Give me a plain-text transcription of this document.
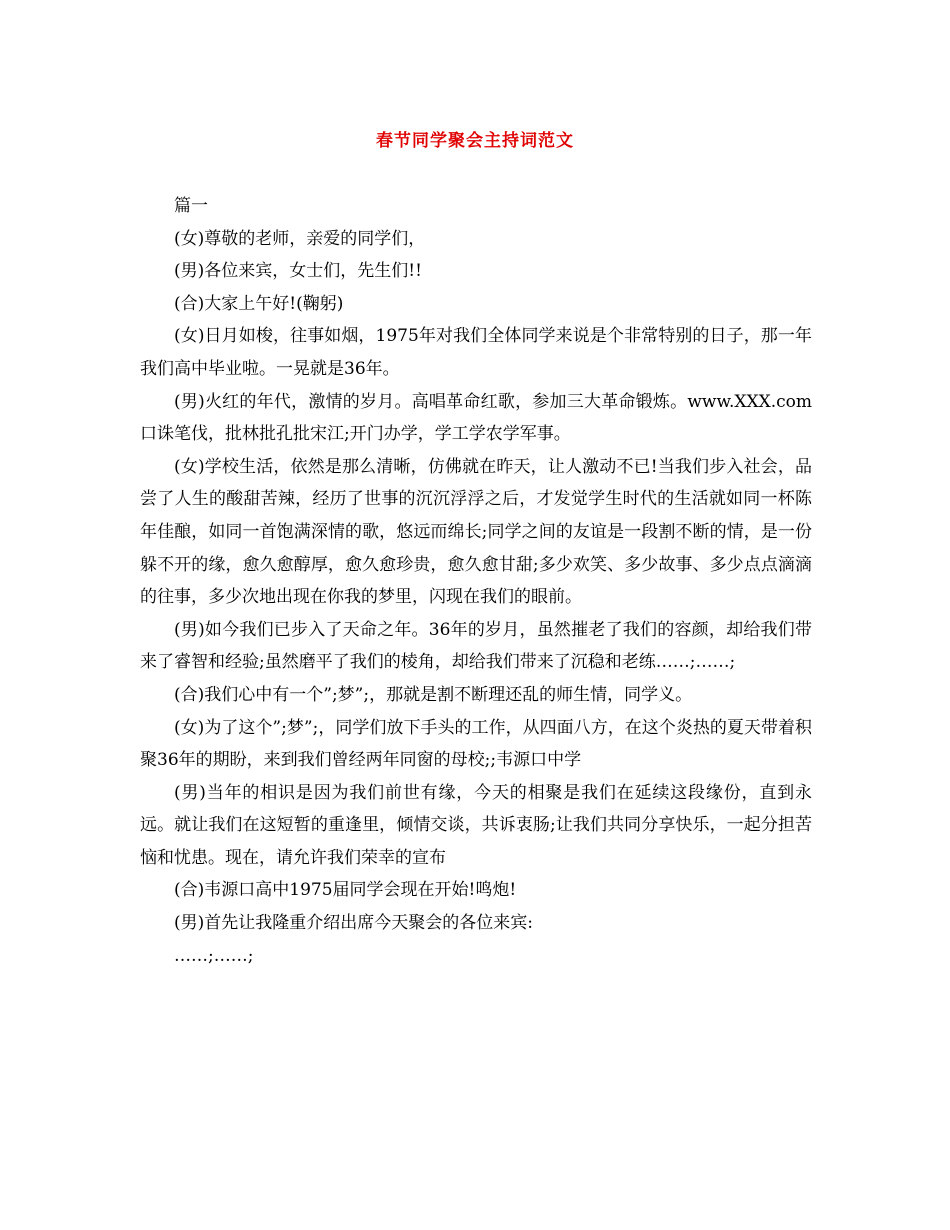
春节同学聚会主持词范文

篇一

(女)尊敬的老师，亲爱的同学们，

(男)各位来宾，女士们，先生们!!

(合)大家上午好!(鞠躬)

(女)日月如梭，往事如烟，1975年对我们全体同学来说是个非常特别的日子，那一年我们高中毕业啦。一晃就是36年。

(男)火红的年代，激情的岁月。高唱革命红歌，参加三大革命锻炼。www.XXX.com口诛笔伐，批林批孔批宋江;开门办学，学工学农学军事。

(女)学校生活，依然是那么清晰，仿佛就在昨天，让人激动不已!当我们步入社会，品尝了人生的酸甜苦辣，经历了世事的沉沉浮浮之后，才发觉学生时代的生活就如同一杯陈年佳酿，如同一首饱满深情的歌，悠远而绵长;同学之间的友谊是一段割不断的情，是一份躲不开的缘，愈久愈醇厚，愈久愈珍贵，愈久愈甘甜;多少欢笑、多少故事、多少点点滴滴的往事，多少次地出现在你我的梦里，闪现在我们的眼前。

(男)如今我们已步入了天命之年。36年的岁月，虽然摧老了我们的容颜，却给我们带来了睿智和经验;虽然磨平了我们的棱角，却给我们带来了沉稳和老练……;……;

(合)我们心中有一个”;梦”;，那就是割不断理还乱的师生情，同学义。

(女)为了这个”;梦”;，同学们放下手头的工作，从四面八方，在这个炎热的夏天带着积聚36年的期盼，来到我们曾经两年同窗的母校;;韦源口中学

(男)当年的相识是因为我们前世有缘，今天的相聚是我们在延续这段缘份，直到永远。就让我们在这短暂的重逢里，倾情交谈，共诉衷肠;让我们共同分享快乐，一起分担苦恼和忧患。现在，请允许我们荣幸的宣布

(合)韦源口高中1975届同学会现在开始!鸣炮!

(男)首先让我隆重介绍出席今天聚会的各位来宾:

……;……;
